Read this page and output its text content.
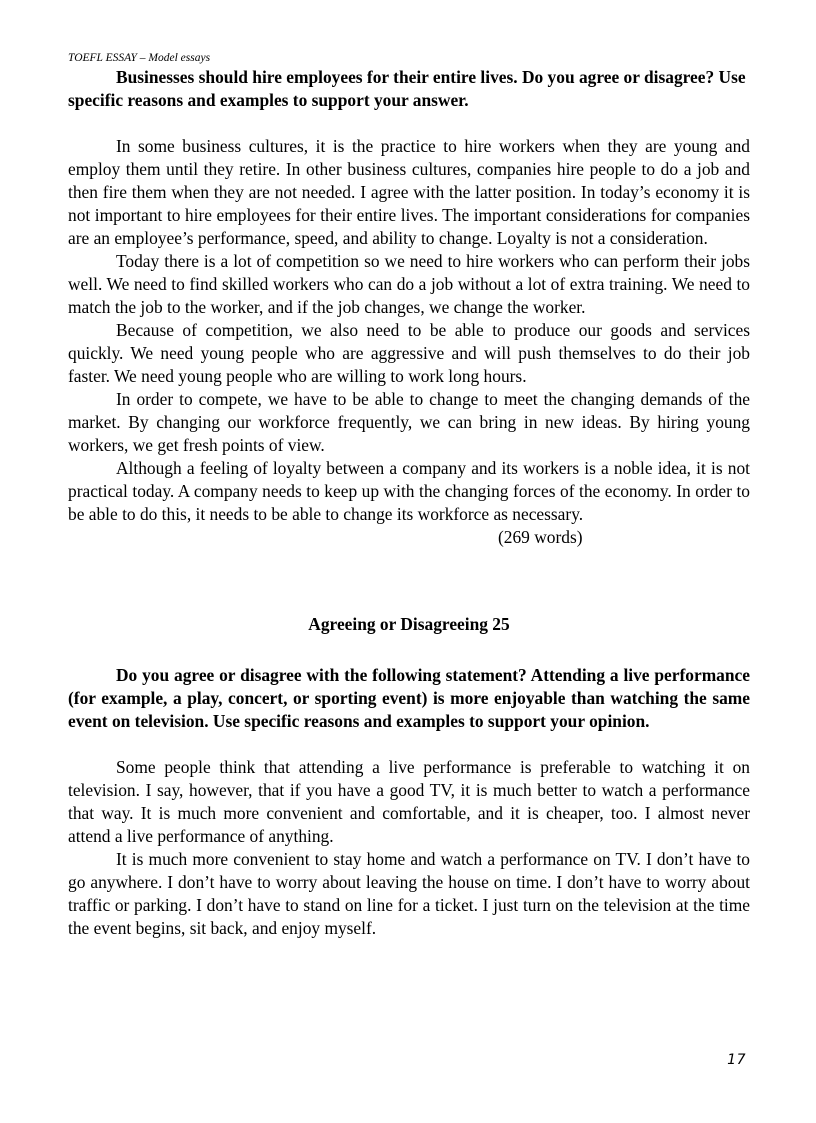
TOEFL ESSAY – Model essays

Businesses should hire employees for their entire lives. Do you agree or disagree? Use specific reasons and examples to support your answer.

In some business cultures, it is the practice to hire workers when they are young and employ them until they retire. In other business cultures, companies hire people to do a job and then fire them when they are not needed. I agree with the latter position. In today’s economy it is not important to hire employees for their entire lives. The important considerations for companies are an employee’s performance, speed, and ability to change. Loyalty is not a consideration.

Today there is a lot of competition so we need to hire workers who can perform their jobs well. We need to find skilled workers who can do a job without a lot of extra training. We need to match the job to the worker, and if the job changes, we change the worker.

Because of competition, we also need to be able to produce our goods and services quickly. We need young people who are aggressive and will push themselves to do their job faster. We need young people who are willing to work long hours.

In order to compete, we have to be able to change to meet the changing demands of the market. By changing our workforce frequently, we can bring in new ideas. By hiring young workers, we get fresh points of view.

Although a feeling of loyalty between a company and its workers is a noble idea, it is not practical today. A company needs to keep up with the changing forces of the economy. In order to be able to do this, it needs to be able to change its workforce as necessary.

(269 words)

Agreeing or Disagreeing 25

Do you agree or disagree with the following statement? Attending a live performance (for example, a play, concert, or sporting event) is more enjoyable than watching the same event on television. Use specific reasons and examples to support your opinion.

Some people think that attending a live performance is preferable to watching it on television. I say, however, that if you have a good TV, it is much better to watch a performance that way. It is much more convenient and comfortable, and it is cheaper, too. I almost never attend a live performance of anything.

It is much more convenient to stay home and watch a performance on TV. I don’t have to go anywhere. I don’t have to worry about leaving the house on time. I don’t have to worry about traffic or parking. I don’t have to stand on line for a ticket. I just turn on the television at the time the event begins, sit back, and enjoy myself.

17
